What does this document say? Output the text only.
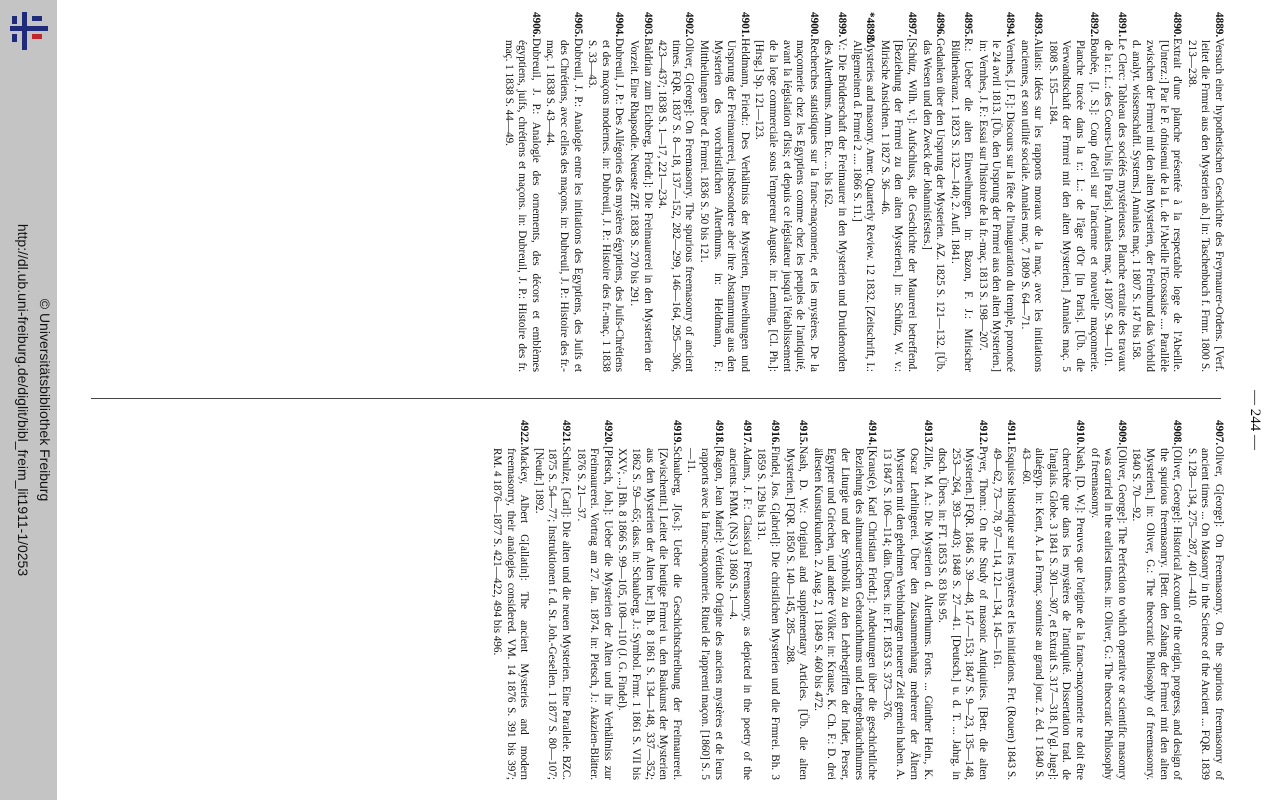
http://dl.ub.uni-freiburg.de/diglit/bibl_freim_lit1911-1/0253 © Universitätsbibliothek Freiburg	— 244 —
4889.Versuch einer hypothetischen Geschichte des Freymaurer-Ordens. [Verf. leitet die Frmrei aus den Mysterien ab.] in: Taschenbuch f. Frmr. 1800 S. 213—238.
4890.Extrait d'une planche présentée à la respectable loge de l'Abeille. [Unterz.:] Par le F. ofnisenui de la L. de l'Abeille l'Ecossaise .... Parallèle zwischen der Frmrei mit den alten Mysterien, der Freimbund das Vorbild d. analyt. wissenschaftl. Systems.] Annales maç. 1 1807 S. 147 bis 158.
4891.Le Clerc: Tableau des sociétés mystérieuses. Planche extraite des travaux de la r.: L.: des Coeurs-Unis [in Paris]. Annales maç. 4 1807 S. 94—101.
4892.Boubée, [J. S.]: Coup d'oeil sur l'ancienne et nouvelle maçonnerie. Planche tracée dans la r.: L.: de l'âge d'Or [in Paris]. [Üb. die Verwandtschaft der Frmrei mit den alten Mysterien.] Annales maç. 5 1808 S. 155—184.
4893.Aliatis: Idées sur les rapports moraux de la maç. avec les initiations anciennes, et son utilité sociale. Annales maç. 7 1809 S. 64—71.
4894.Vernhes, [J. F.]: Discours sur la fête de l'inauguration du temple, prononcé le 24 avril 1813. [Üb. den Ursprung der Frmrei aus den alten Mysterien.] in: Vernhes, J. F.: Essai sur l'histoire de la fr.-maç. 1813 S. 198—207.
4895.R.: Ueber die alten Einweihungen. in: Bazon, F. J.: Mirischer Blüthenkranz. 1 1823 S. 132—140; 2. Aufl. 1841.
4896.Gedanken über den Ursprung der Mysterien. AZ. 1825 S. 121—132. [Üb. das Wesen und den Zweck der Johannisfestes.]
4897.[Schütz, Wilh. v.]: Aufschluss, die Geschichte der Maurerei betreffend. [Beziehung der Frmrei zu den alten Mysterien.] in: Schütz, W. v.: Mirische Ansichten. 1 1827 S. 36—46.
*4898.Mysteries and masonry. Amer. Quarterly Review. 12 1832. [Zeitschrift, I.: Allgemeinen d. Frmrei 2 .... 1866 S. 11.]
4899.V.: Die Brüderschaft der Freimaurer in den Mysterien und Druidenorden des Alterthums. Anm. Etc. ... bis 162.
4900.Recherches statistiques sur la franc-maçonnerie, et les mystères. De la maçonnerie chez les Egyptiens comme chez les peuples de l'antiquité, avant la législation d'Isis; et depuis ce législateur jusqu'à l'établissement de la loge commerciale sous l'empereur Auguste. in: Lenning, [Cl. Ph.]: [Hrsg.] Sp. 121—123.
4901.Heldmann, Friedr.: Des Verhältniss der Mysterien, Einweihungen und Ursprung der Freimaurerei, insbesondere aber ihre Abstammung aus den Mysterien des vorchristlichen Alterthums. in: Heldmann, F.: Mittheilungen über d. Frmrei. 1836 S. 50 bis 121.
4902.Oliver, G[eorge]: On Freemasonry. The spurious freemasonry of ancient times. FQR. 1837 S. 8—18, 137—152, 282—299, 146—164, 295—306, 423—437; 1838 S. 1—17, 221—234.
4903.Baldrian zum Eichberg, Friedr.]: Die Freimaurerei in den Mysterien der Vorzeit. Eine Rhapsodie. Neueste ZfF. 1838 S. 270 bis 291.
4904.Dubreuil, J. P.: Des Allégories des mystères égyptiens, des Juifs-Chrétiens et des maçons modernes. in: Dubreuil, J. P.: Histoire des fr.-maç. 1 1838 S. 33—43.
4905.Dubreuil, J. P.: Analogie entre les initiations des Egyptiens, des Juifs et des Chrétiens, avec celles des maçons. in: Dubreuil, J. P.: Histoire des fr.-maç. 1 1838 S. 43—44.
4906.Dubreuil, J. P.: Analogie des ornements, des décors et emblèmes égyptiens, juifs, chrétiens et maçons. in: Dubreuil, J. P.: Histoire des fr. maç. 1 1838 S. 44—49.
4907.Oliver, G[eorge]: On Freemasonry. On the spurious freemasonry of ancient times ... On Masonry in the Science of the Ancient ... FQR. 1839 S. 128—134, 275—287, 401—410.
4908.[Oliver, George]: Historical Account of the origin, progress, and design of the spurious freemasonry. [Betr. den Zshang der Frmrei mit den alten Mysterien.] in: Oliver, G.: The theocratic Philosophy of freemasonry. 1840 S. 70—92.
4909.[Oliver, George]: The Perfection to which operative or scientific masonry was carried in the earliest times. in: Oliver, G.: The theocratic Philosophy of freemasonry.
4910.Nash, [D. W.]: Preuves que l'origine de la franc-maçonnerie ne doit être cherchée que dans les mystères de l'antiquité. Dissertation trad. de l'anglais. Globe. 3 1841 S. 301—307, et Extrait S. 317—318. [Vgl. Juge]: altaégyp. in: Kent, A. La Frmaç. soumise au grand jour. 2. éd. 1 1840 S. 43—60.
4911.Esquisse historique sur les mystères et les initiations. Frt. (Rouen) 1843 S. 49—62, 73—78, 97—114, 121—134, 145—161.
4912.Pryer, Thom.: On the Study of masonic Antiquities. [Betr. die alten Mysterien.] FQR. 1846 S. 39—48, 147—153; 1847 S. 9—23, 135—148, 253—264, 393—403; 1848 S. 27—41. [Deutsch.] u. d. T. ... Jahrg. in dtsch. Übers. in: FT. 1853 S. 83 bis 95.
4913.Zille, M. A.: Die Mysterien d. Alterthums. Forts. ... Günther Hein., K. Oscar Lehrlingerei. Über den Zusammenhang mehrerer der Ältern Mysterien mit den geheimen Verbindungen neuerer Zeit gemein haben. A. 13 1847 S. 106—114; dän. Übers. in: FT. 1853 S. 373—376.
4914.[Kraus(e), Karl Christian Friedr.]: Andeutungen über die geschichtliche Beziehung des altmaurerischen Gebrauchthums und Lehrgebräuchthumes der Liturgie und der Symbolik zu den Lehrbegriffen der Inder, Perser, Egypter und Griechen, und andere Völker. in: Krause, K. Ch. F.: D. drei ältesten Kunsturkunden. 2. Ausg. 2, 1 1849 S. 460 bis 472.
4915.Nash, D. W.: Original and supplementary Articles. [Üb. die alten Mysterien.] FQR. 1850 S. 140—145, 285—288.
4916.Findel, Jos. G[abriel]: Die christlichen Mysterien und die Frmrei. Bh. 3 1859 S. 129 bis 131.
4917.Adams, J. F.: Classical Freemasonry, as depicted in the poetry of the ancients. FMM. (NS.) 3 1860 S. 1—4.
4918.[Ragon, Jean Marie]: Véritable Origine des anciens mystères et de leurs rapports avec la franc-maçonnerie. Rituel de l'apprenti maçon. [1860] S. 5—11.
4919.Schauberg, J[os.]: Ueber die Geschichtschreibung der Freimaurerei. [Zwischentit.] Leitet die heutige Frmrei u. den Baukunst der Mysterien aus den Mysterien der Alten her.] Bh. 8 1861 S. 134—148, 337—352; 1862 S. 59—65; dass. in: Schauberg, J.: Symbol. Frmr. 1 1861 S. VII bis XXV; ...] Bh. 8 1866 S. 99—105, 108—110 (J. G. Findel).
4920.[Pletsch, Joh.]: Ueber die Mysterien der Alten und ihr Verhältniss zur Freimaurerei. Vortrag am 27. Jan. 1874. in: Pletsch, J.: Akazien-Blätter. 1876 S. 21—37.
4921.Schulze, [Carl]: Die alten und die neuen Mysterien. Eine Parallele. BZC. 1875 S. 54—77; Instruktionen f. d. St. Joh.-Gesellen. 1 1877 S. 80—107; [Neudr.] 1892.
4922.Mackey, Albert G[allatin]: The ancient Mysteries and modern freemasonry, their analogies considered. VM. 14 1876 S. 391 bis 397; RM. 4 1876—1877 S. 421—422, 494 bis 496.
